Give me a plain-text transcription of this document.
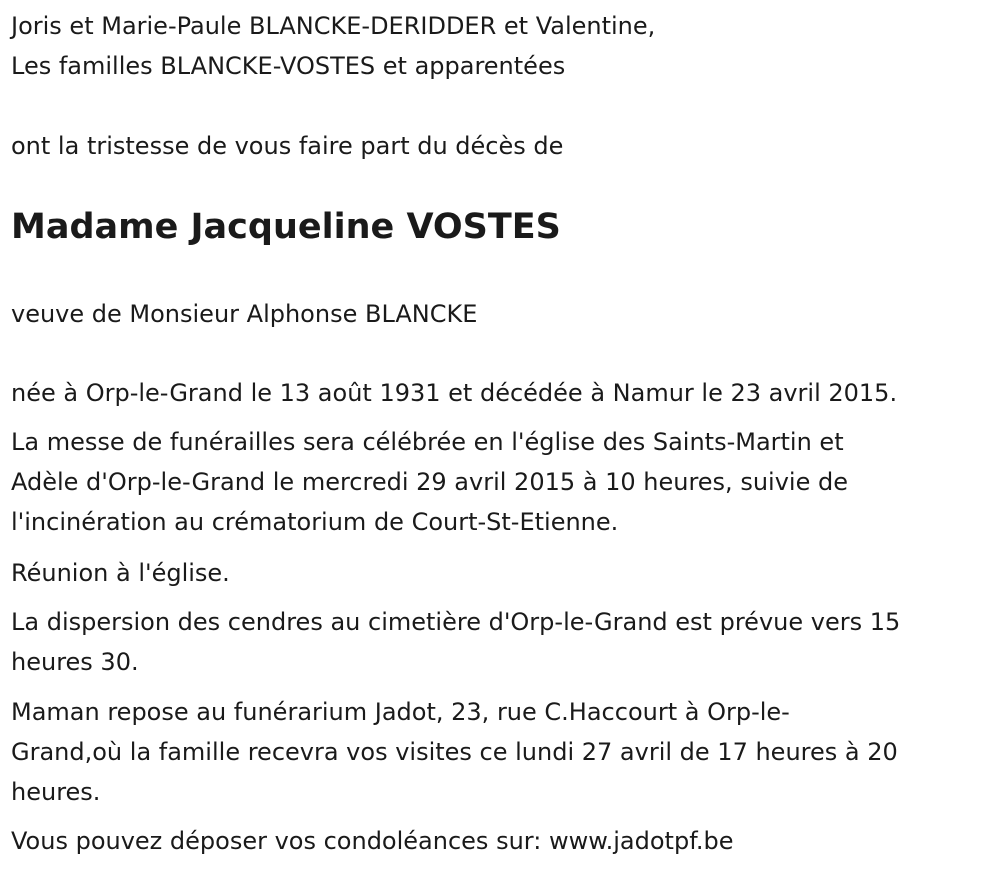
Joris et Marie-Paule BLANCKE-DERIDDER et Valentine,
Les familles BLANCKE-VOSTES et apparentées

ont la tristesse de vous faire part du décès de

Madame Jacqueline VOSTES

veuve de Monsieur Alphonse BLANCKE

née à Orp-le-Grand le 13 août 1931 et décédée à Namur le 23 avril 2015.

La messe de funérailles sera célébrée en l'église des Saints-Martin et
Adèle d'Orp-le-Grand le mercredi 29 avril 2015 à 10 heures, suivie de
l'incinération au crématorium de Court-St-Etienne.

Réunion à l'église.

La dispersion des cendres au cimetière d'Orp-le-Grand est prévue vers 15
heures 30.

Maman repose au funérarium Jadot, 23, rue C.Haccourt à Orp-le-
Grand,où la famille recevra vos visites ce lundi 27 avril de 17 heures à 20
heures.

Vous pouvez déposer vos condoléances sur: www.jadotpf.be
